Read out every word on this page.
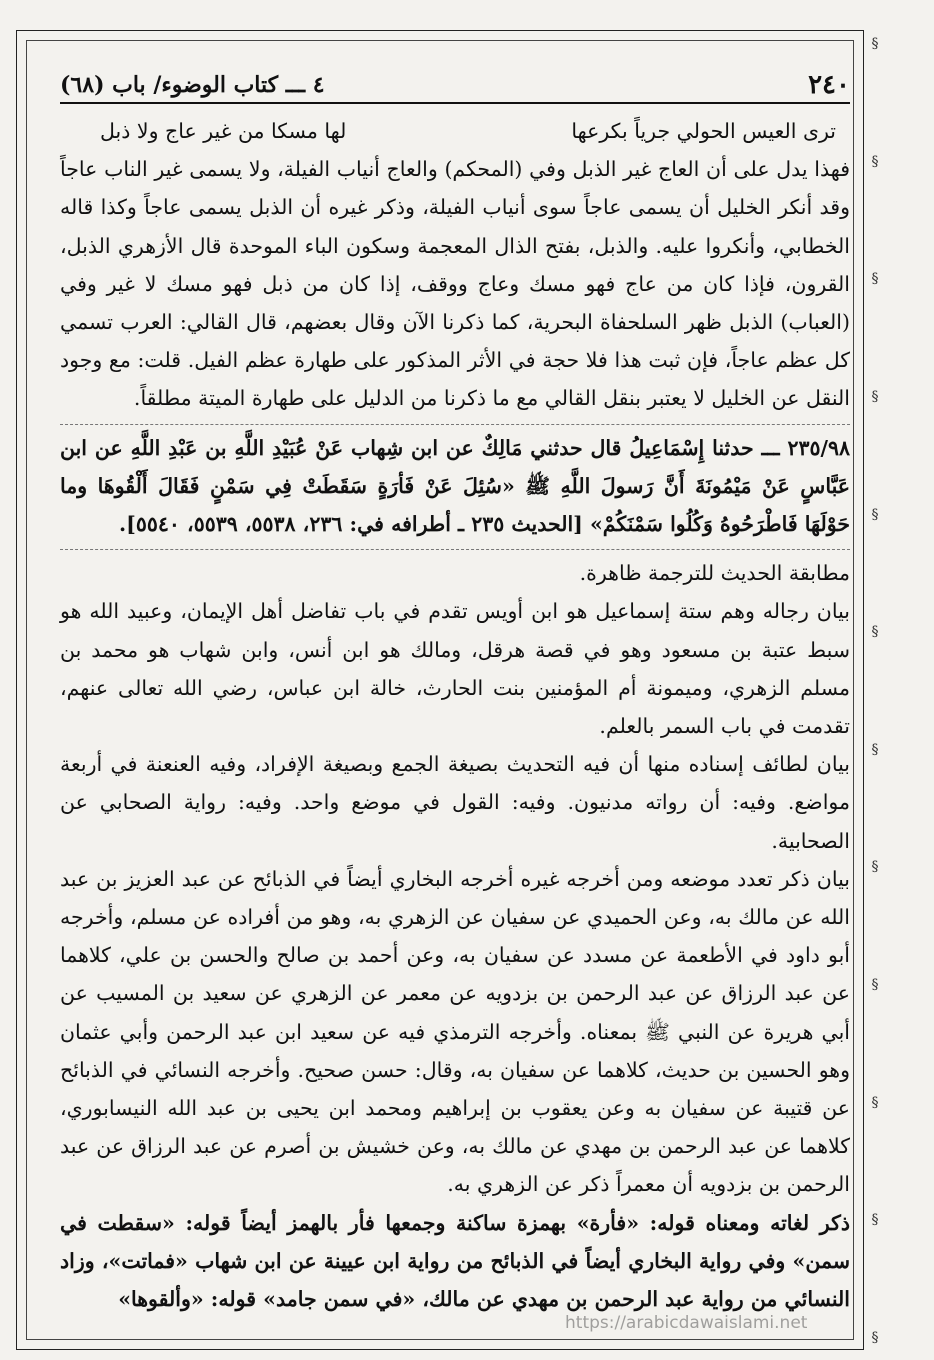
§
§
§
§
§
§
§
§
§
§
§
§
٢٤٠
٤ ـــ كتاب الوضوء/ باب (٦٨)
ترى العيس الحولي جرياً بكرعها
لها مسكا من غير عاج ولا ذبل

فهذا يدل على أن العاج غير الذبل وفي (المحكم) والعاج أنياب الفيلة، ولا يسمى غير الناب عاجاً وقد أنكر الخليل أن يسمى عاجاً سوى أنياب الفيلة، وذكر غيره أن الذبل يسمى عاجاً وكذا قاله الخطابي، وأنكروا عليه. والذبل، بفتح الذال المعجمة وسكون الباء الموحدة قال الأزهري الذبل، القرون، فإذا كان من عاج فهو مسك وعاج ووقف، إذا كان من ذبل فهو مسك لا غير وفي (العباب) الذبل ظهر السلحفاة البحرية، كما ذكرنا الآن وقال بعضهم، قال القالي: العرب تسمي كل عظم عاجاً، فإن ثبت هذا فلا حجة في الأثر المذكور على طهارة عظم الفيل. قلت: مع وجود النقل عن الخليل لا يعتبر بنقل القالي مع ما ذكرنا من الدليل على طهارة الميتة مطلقاً.

٢٣٥/٩٨ ـــ حدثنا إِسْمَاعِيلُ قال حدثني مَالِكٌ عن ابن شِهاب عَنْ عُبَيْدِ اللَّهِ بن عَبْدِ اللَّهِ عن ابن عَبَّاسٍ عَنْ مَيْمُونَةَ أَنَّ رَسولَ اللَّهِ ﷺ «سُئِلَ عَنْ فَأرَةٍ سَقَطَتْ فِي سَمْنٍ فَقَالَ أَلْقُوهَا وما حَوْلَهَا فَاطْرَحُوهُ وَكُلُوا سَمْنَكُمْ» [الحديث ٢٣٥ ـ أطرافه في: ٢٣٦، ٥٥٣٨، ٥٥٣٩، ٥٥٤٠].

مطابقة الحديث للترجمة ظاهرة.

بيان رجاله وهم ستة إسماعيل هو ابن أويس تقدم في باب تفاضل أهل الإيمان، وعبيد الله هو سبط عتبة بن مسعود وهو في قصة هرقل، ومالك هو ابن أنس، وابن شهاب هو محمد بن مسلم الزهري، وميمونة أم المؤمنين بنت الحارث، خالة ابن عباس، رضي الله تعالى عنهم، تقدمت في باب السمر بالعلم.

بيان لطائف إسناده منها أن فيه التحديث بصيغة الجمع وبصيغة الإفراد، وفيه العنعنة في أربعة مواضع. وفيه: أن رواته مدنيون. وفيه: القول في موضع واحد. وفيه: رواية الصحابي عن الصحابية.

بيان ذكر تعدد موضعه ومن أخرجه غيره أخرجه البخاري أيضاً في الذبائح عن عبد العزيز بن عبد الله عن مالك به، وعن الحميدي عن سفيان عن الزهري به، وهو من أفراده عن مسلم، وأخرجه أبو داود في الأطعمة عن مسدد عن سفيان به، وعن أحمد بن صالح والحسن بن علي، كلاهما عن عبد الرزاق عن عبد الرحمن بن بزدويه عن معمر عن الزهري عن سعيد بن المسيب عن أبي هريرة عن النبي ﷺ بمعناه. وأخرجه الترمذي فيه عن سعيد ابن عبد الرحمن وأبي عثمان وهو الحسين بن حديث، كلاهما عن سفيان به، وقال: حسن صحيح. وأخرجه النسائي في الذبائح عن قتيبة عن سفيان به وعن يعقوب بن إبراهيم ومحمد ابن يحيى بن عبد الله النيسابوري، كلاهما عن عبد الرحمن بن مهدي عن مالك به، وعن خشيش بن أصرم عن عبد الرزاق عن عبد الرحمن بن بزدويه أن معمراً ذكر عن الزهري به.

ذكر لغاته ومعناه قوله: «فأرة» بهمزة ساكنة وجمعها فأر بالهمز أيضاً قوله: «سقطت في سمن» وفي رواية البخاري أيضاً في الذبائح من رواية ابن عيينة عن ابن شهاب «فماتت»، وزاد النسائي من رواية عبد الرحمن بن مهدي عن مالك، «في سمن جامد» قوله: «وألقوها»

https://arabicdawaislami.net
